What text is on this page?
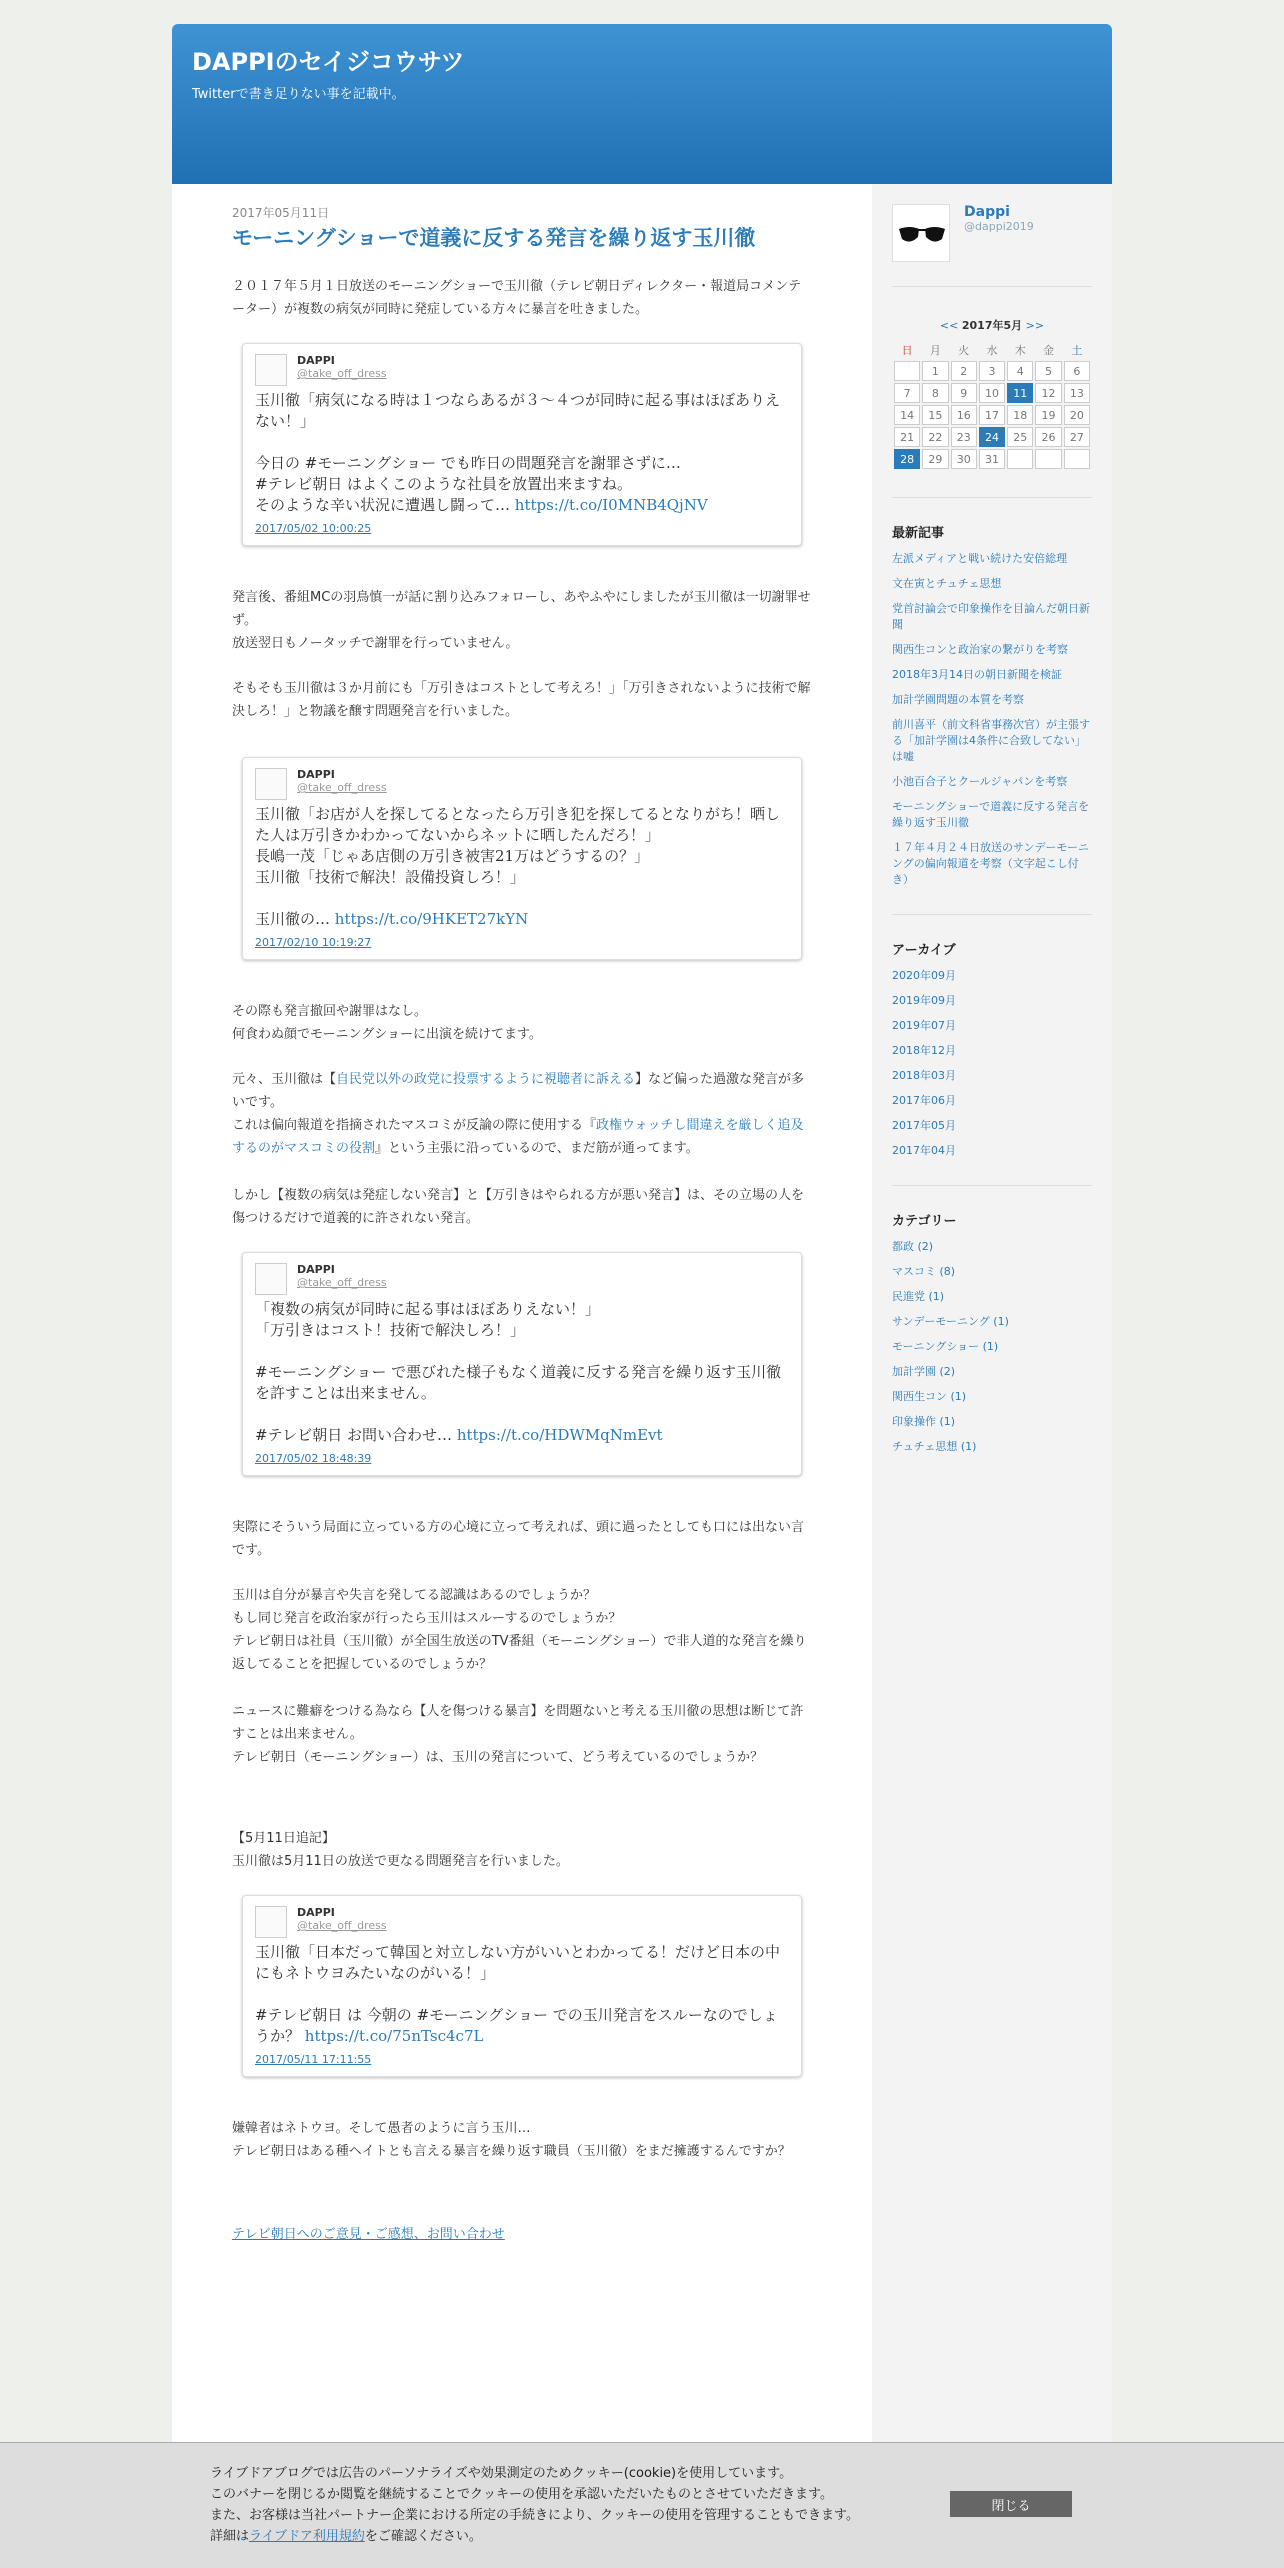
DAPPIのセイジコウサツ
Twitterで書き足りない事を記載中。
2017年05月11日
モーニングショーで道義に反する発言を繰り返す玉川徹

２０１７年５月１日放送のモーニングショーで玉川徹（テレビ朝日ディレクター・報道局コメンテーター）が複数の病気が同時に発症している方々に暴言を吐きました。

DAPPI
@take_off_dress
玉川徹「病気になる時は１つならあるが３～４つが同時に起る事はほぼありえない！」

今日の #モーニングショー でも昨日の問題発言を謝罪さずに…
#テレビ朝日 はよくこのような社員を放置出来ますね。
そのような辛い状況に遭遇し闘って… https://t.co/I0MNB4QjNV
2017/05/02 10:00:25

発言後、番組MCの羽鳥慎一が話に割り込みフォローし、あやふやにしましたが玉川徹は一切謝罪せず。
放送翌日もノータッチで謝罪を行っていません。

そもそも玉川徹は３か月前にも「万引きはコストとして考えろ！」「万引きされないように技術で解決しろ！」と物議を醸す問題発言を行いました。

DAPPI
@take_off_dress
玉川徹「お店が人を探してるとなったら万引き犯を探してるとなりがち！晒した人は万引きかわかってないからネットに晒したんだろ！」
長嶋一茂「じゃあ店側の万引き被害21万はどうするの？」
玉川徹「技術で解決！設備投資しろ！」

玉川徹の… https://t.co/9HKET27kYN
2017/02/10 10:19:27

その際も発言撤回や謝罪はなし。
何食わぬ顔でモーニングショーに出演を続けてます。

元々、玉川徹は【自民党以外の政党に投票するように視聴者に訴える】など偏った過激な発言が多いです。
これは偏向報道を指摘されたマスコミが反論の際に使用する『政権ウォッチし間違えを厳しく追及するのがマスコミの役割』という主張に沿っているので、まだ筋が通ってます。

しかし【複数の病気は発症しない発言】と【万引きはやられる方が悪い発言】は、その立場の人を傷つけるだけで道義的に許されない発言。

DAPPI
@take_off_dress
「複数の病気が同時に起る事はほぼありえない！」
「万引きはコスト！技術で解決しろ！」

#モーニングショー で悪びれた様子もなく道義に反する発言を繰り返す玉川徹を許すことは出来ません。

#テレビ朝日 お問い合わせ… https://t.co/HDWMqNmEvt
2017/05/02 18:48:39

実際にそういう局面に立っている方の心境に立って考えれば、頭に過ったとしても口には出ない言です。

玉川は自分が暴言や失言を発してる認識はあるのでしょうか？
もし同じ発言を政治家が行ったら玉川はスルーするのでしょうか？
テレビ朝日は社員（玉川徹）が全国生放送のTV番組（モーニングショー）で非人道的な発言を繰り返してることを把握しているのでしょうか？

ニュースに難癖をつける為なら【人を傷つける暴言】を問題ないと考える玉川徹の思想は断じて許すことは出来ません。
テレビ朝日（モーニングショー）は、玉川の発言について、どう考えているのでしょうか？

【5月11日追記】
玉川徹は5月11日の放送で更なる問題発言を行いました。

DAPPI
@take_off_dress
玉川徹「日本だって韓国と対立しない方がいいとわかってる！だけど日本の中にもネトウヨみたいなのがいる！」

#テレビ朝日 は 今朝の #モーニングショー での玉川発言をスルーなのでしょうか？ https://t.co/75nTsc4c7L
2017/05/11 17:11:55

嫌韓者はネトウヨ。そして愚者のように言う玉川…
テレビ朝日はある種ヘイトとも言える暴言を繰り返す職員（玉川徹）をまだ擁護するんですか？

テレビ朝日へのご意見・ご感想、お問い合わせ
Dappi
@dappi2019
<< 2017年5月 >>
日	月	火	水	木	金	土
	1	2	3	4	5	6
7	8	9	10	11	12	13
14	15	16	17	18	19	20
21	22	23	24	25	26	27
28	29	30	31			
最新記事
左派メディアと戦い続けた安倍総理
文在寅とチュチェ思想
党首討論会で印象操作を目論んだ朝日新聞
関西生コンと政治家の繋がりを考察
2018年3月14日の朝日新聞を検証
加計学園問題の本質を考察
前川喜平（前文科省事務次官）が主張する「加計学園は4条件に合致してない」は嘘
小池百合子とクールジャパンを考察
モーニングショーで道義に反する発言を繰り返す玉川徹
１７年４月２４日放送のサンデーモーニングの偏向報道を考察（文字起こし付き）
アーカイブ
2020年09月
2019年09月
2019年07月
2018年12月
2018年03月
2017年06月
2017年05月
2017年04月
カテゴリー
都政 (2)
マスコミ (8)
民進党 (1)
サンデーモーニング (1)
モーニングショー (1)
加計学園 (2)
関西生コン (1)
印象操作 (1)
チュチェ思想 (1)
ライブドアブログでは広告のパーソナライズや効果測定のためクッキー(cookie)を使用しています。
このバナーを閉じるか閲覧を継続することでクッキーの使用を承認いただいたものとさせていただきます。
また、お客様は当社パートナー企業における所定の手続きにより、クッキーの使用を管理することもできます。
詳細はライブドア利用規約をご確認ください。
閉じる
